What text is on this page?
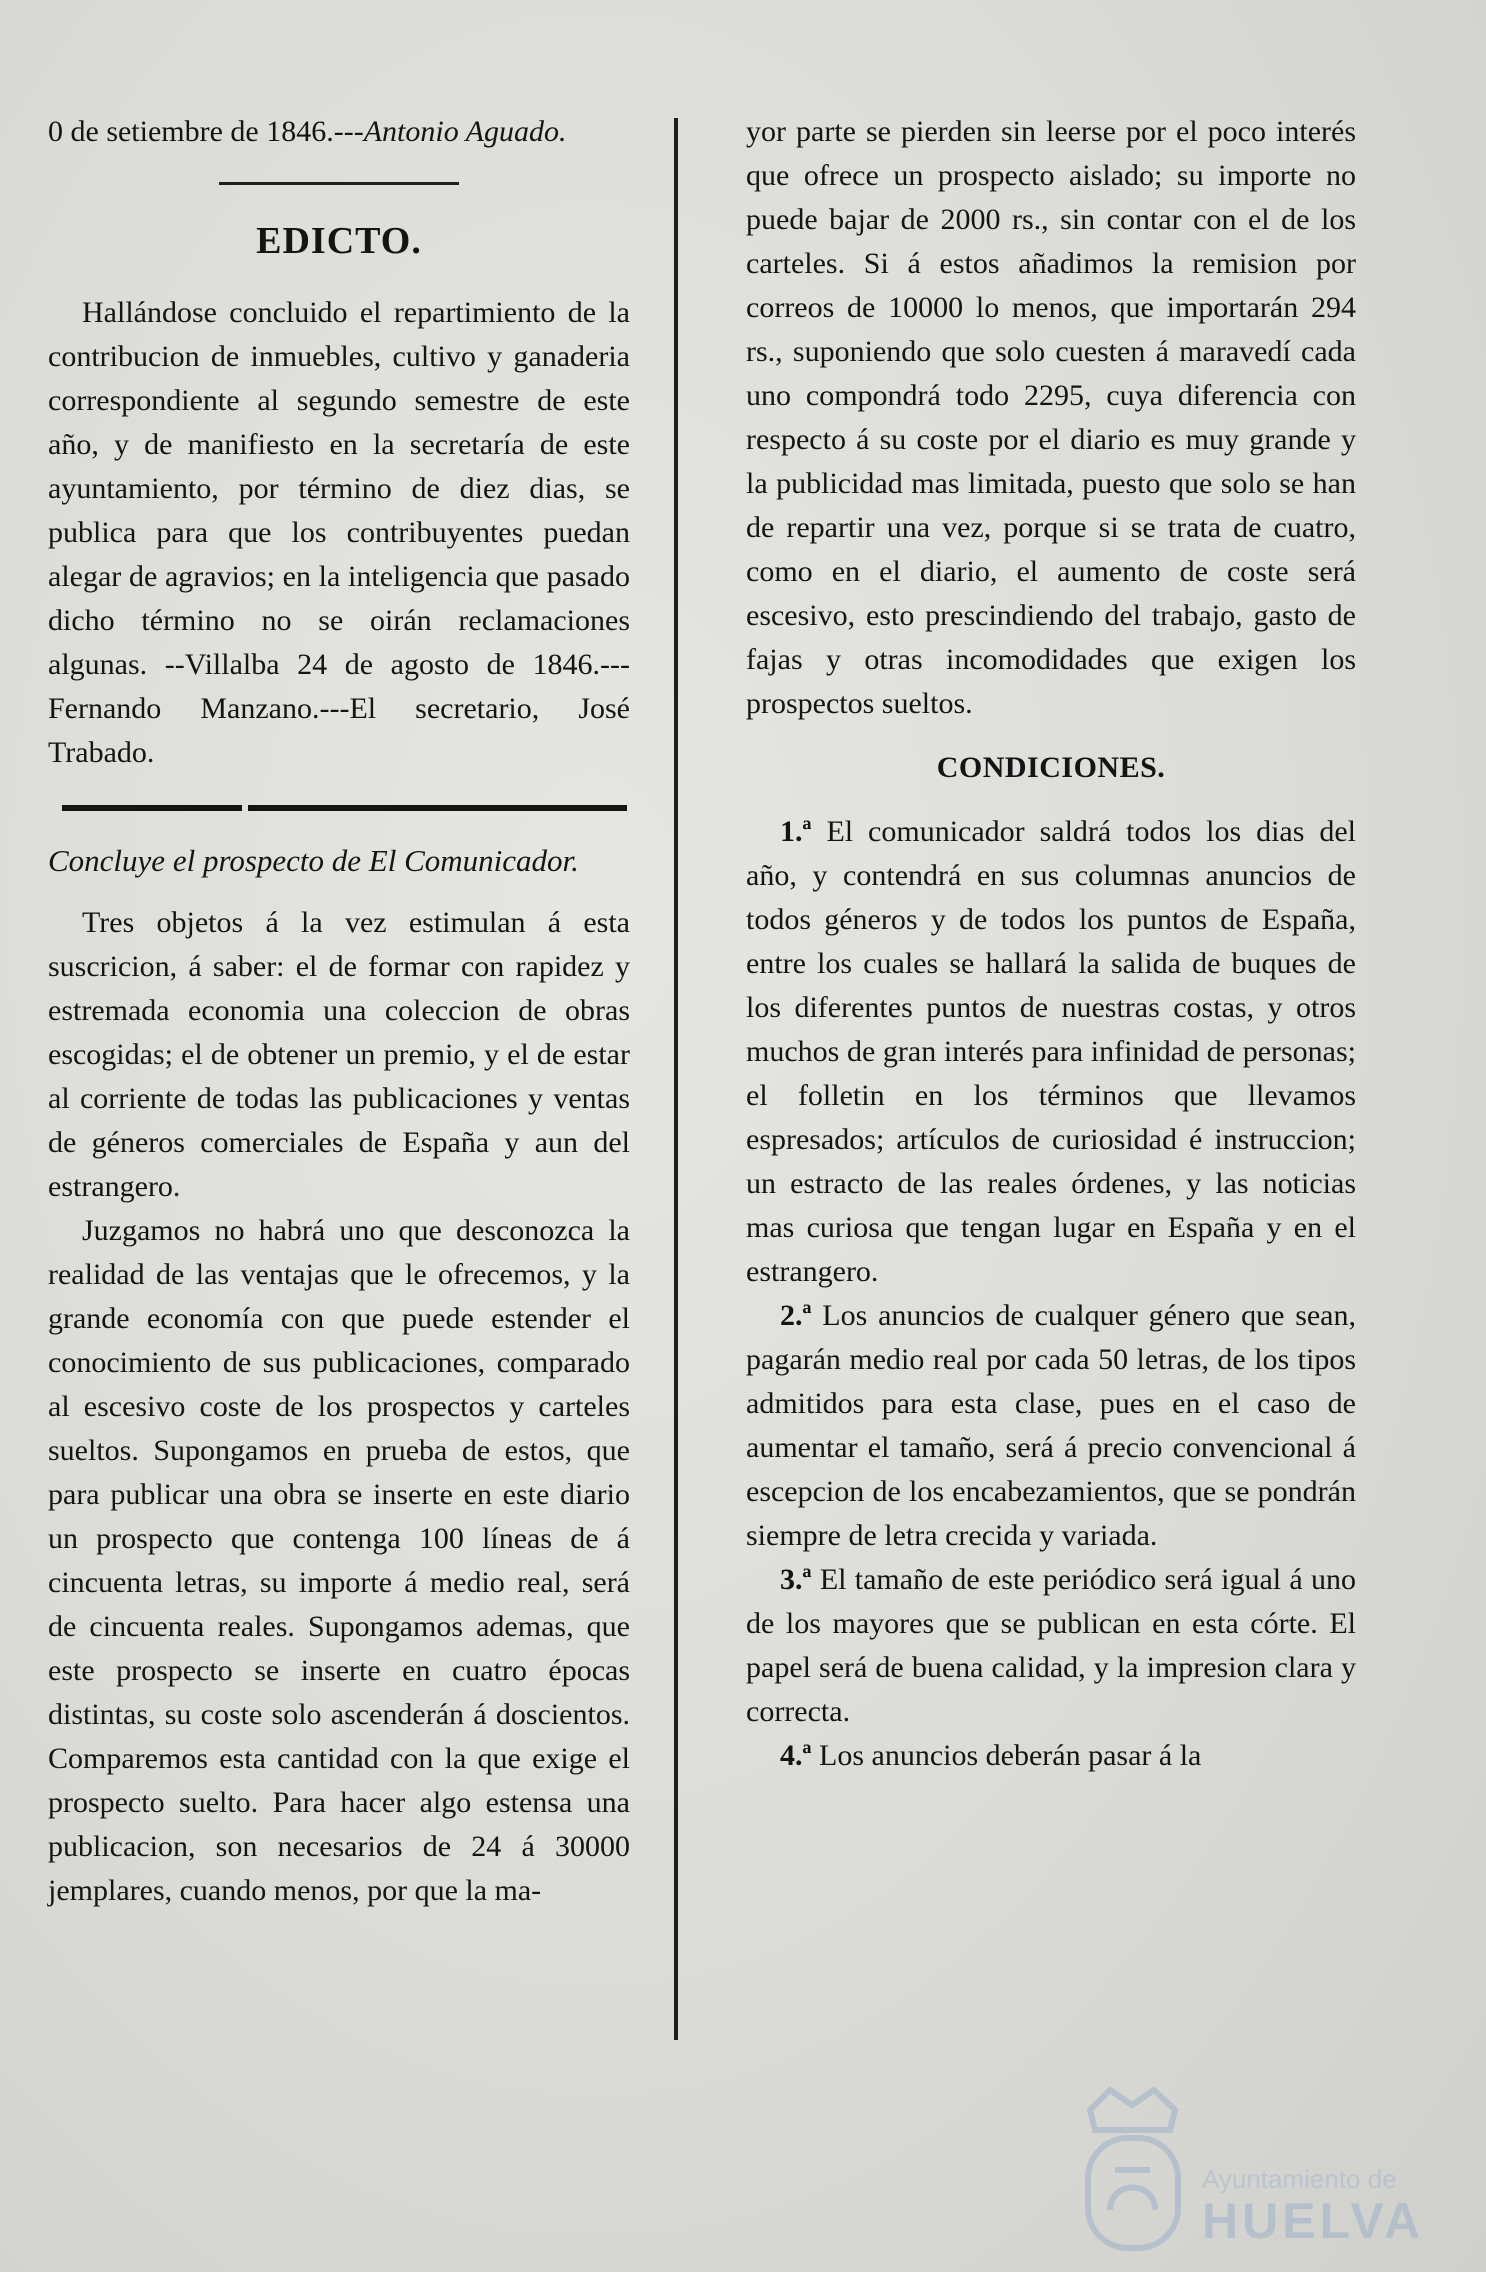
0 de setiembre de 1846.---Antonio Aguado.

EDICTO.

Hallándose concluido el repartimiento de la contribucion de inmuebles, cultivo y ganaderia correspondiente al segundo semestre de este año, y de manifiesto en la secretaría de este ayuntamiento, por término de diez dias, se publica para que los contribuyentes puedan alegar de agravios; en la inteligencia que pasado dicho término no se oirán reclamaciones algunas. --Villalba 24 de agosto de 1846.---Fernando Manzano.---El secretario, José Trabado.

Concluye el prospecto de El Comunicador.

Tres objetos á la vez estimulan á esta suscricion, á saber: el de formar con rapidez y estremada economia una coleccion de obras escogidas; el de obtener un premio, y el de estar al corriente de todas las publicaciones y ventas de géneros comerciales de España y aun del estrangero.

Juzgamos no habrá uno que desconozca la realidad de las ventajas que le ofrecemos, y la grande economía con que puede estender el conocimiento de sus publicaciones, comparado al escesivo coste de los prospectos y carteles sueltos. Supongamos en prueba de estos, que para publicar una obra se inserte en este diario un prospecto que contenga 100 líneas de á cincuenta letras, su importe á medio real, será de cincuenta reales. Supongamos ademas, que este prospecto se inserte en cuatro épocas distintas, su coste solo ascenderán á doscientos. Comparemos esta cantidad con la que exige el prospecto suelto. Para hacer algo estensa una publicacion, son necesarios de 24 á 30000 jemplares, cuando menos, por que la ma-

yor parte se pierden sin leerse por el poco interés que ofrece un prospecto aislado; su importe no puede bajar de 2000 rs., sin contar con el de los carteles. Si á estos añadimos la remision por correos de 10000 lo menos, que importarán 294 rs., suponiendo que solo cuesten á maravedí cada uno compondrá todo 2295, cuya diferencia con respecto á su coste por el diario es muy grande y la publicidad mas limitada, puesto que solo se han de repartir una vez, porque si se trata de cuatro, como en el diario, el aumento de coste será escesivo, esto prescindiendo del trabajo, gasto de fajas y otras incomodidades que exigen los prospectos sueltos.

CONDICIONES.

1.ª El comunicador saldrá todos los dias del año, y contendrá en sus columnas anuncios de todos géneros y de todos los puntos de España, entre los cuales se hallará la salida de buques de los diferentes puntos de nuestras costas, y otros muchos de gran interés para infinidad de personas; el folletin en los términos que llevamos espresados; artículos de curiosidad é instruccion; un estracto de las reales órdenes, y las noticias mas curiosa que tengan lugar en España y en el estrangero.

2.ª Los anuncios de cualquer género que sean, pagarán medio real por cada 50 letras, de los tipos admitidos para esta clase, pues en el caso de aumentar el tamaño, será á precio convencional á escepcion de los encabezamientos, que se pondrán siempre de letra crecida y variada.

3.ª El tamaño de este periódico será igual á uno de los mayores que se publican en esta córte. El papel será de buena calidad, y la impresion clara y correcta.

4.ª Los anuncios deberán pasar á la

Ayuntamiento de
HUELVA
